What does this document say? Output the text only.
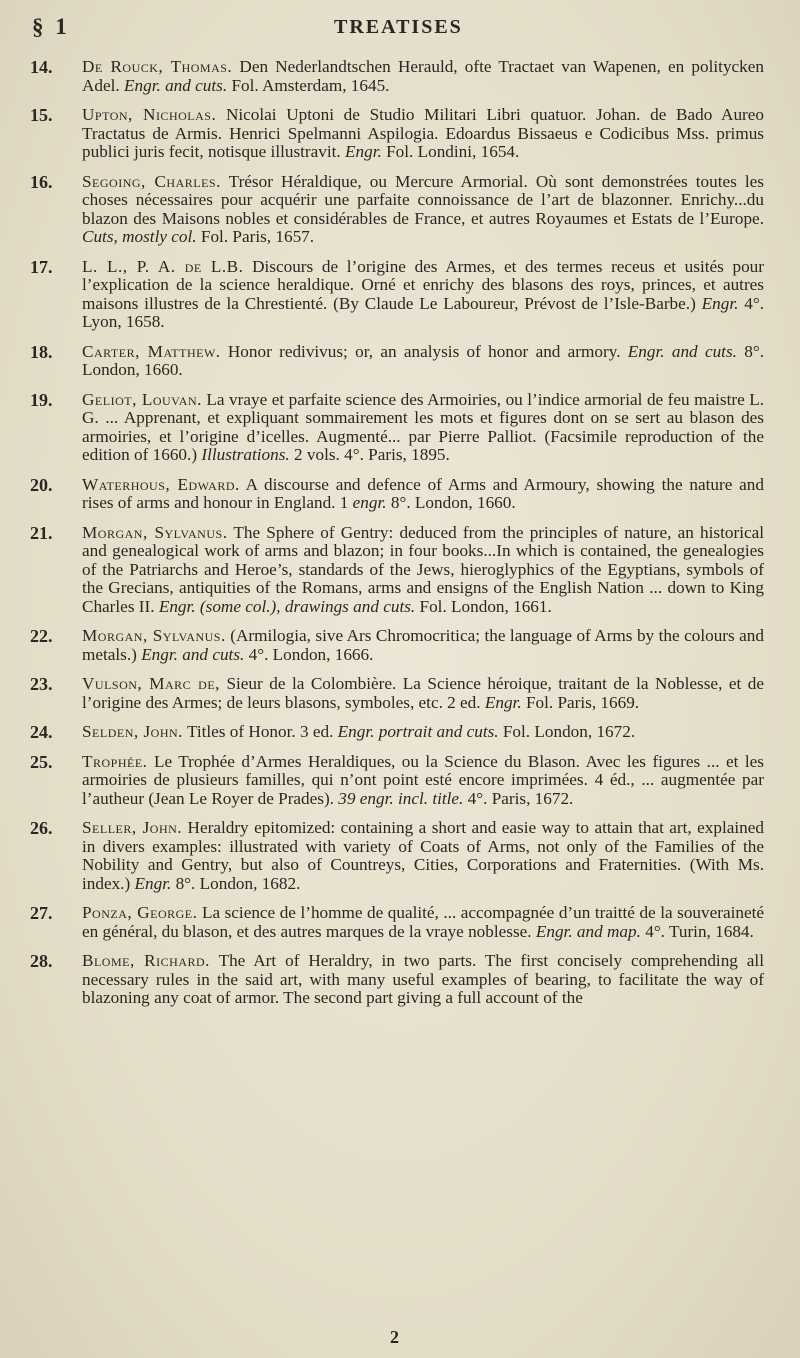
§ 1	TREATISES
14. De Rouck, Thomas. Den Nederlandtschen Herauld, ofte Tractaet van Wapenen, en politycken Adel. Engr. and cuts. Fol. Amsterdam, 1645.
15. Upton, Nicholas. Nicolai Uptoni de Studio Militari Libri quatuor. Johan. de Bado Aureo Tractatus de Armis. Henrici Spelmanni Aspilogia. Edoardus Bissaeus e Codicibus Mss. primus publici juris fecit, notisque illustravit. Engr. Fol. Londini, 1654.
16. Segoing, Charles. Trésor Héraldique, ou Mercure Armorial. Où sont demonstrées toutes les choses nécessaires pour acquérir une parfaite connoissance de l’art de blazonner. Enrichy...du blazon des Maisons nobles et considérables de France, et autres Royaumes et Estats de l’Europe. Cuts, mostly col. Fol. Paris, 1657.
17. L. L., P. A. de L.B. Discours de l’origine des Armes, et des termes receus et usités pour l’explication de la science heraldique. Orné et enrichy des blasons des roys, princes, et autres maisons illustres de la Chrestienté. (By Claude Le Laboureur, Prévost de l’Isle-Barbe.) Engr. 4°. Lyon, 1658.
18. Carter, Matthew. Honor redivivus; or, an analysis of honor and armory. Engr. and cuts. 8°. London, 1660.
19. Geliot, Louvan. La vraye et parfaite science des Armoiries, ou l’indice armorial de feu maistre L. G. ... Apprenant, et expliquant sommairement les mots et figures dont on se sert au blason des armoiries, et l’origine d’icelles. Augmenté... par Pierre Palliot. (Facsimile reproduction of the edition of 1660.) Illustrations. 2 vols. 4°. Paris, 1895.
20. Waterhous, Edward. A discourse and defence of Arms and Armoury, showing the nature and rises of arms and honour in England. 1 engr. 8°. London, 1660.
21. Morgan, Sylvanus. The Sphere of Gentry: deduced from the principles of nature, an historical and genealogical work of arms and blazon; in four books...In which is contained, the genealogies of the Patriarchs and Heroe’s, standards of the Jews, hieroglyphics of the Egyptians, symbols of the Grecians, antiquities of the Romans, arms and ensigns of the English Nation ... down to King Charles II. Engr. (some col.), drawings and cuts. Fol. London, 1661.
22. Morgan, Sylvanus. (Armilogia, sive Ars Chromocritica; the language of Arms by the colours and metals.) Engr. and cuts. 4°. London, 1666.
23. Vulson, Marc de, Sieur de la Colombière. La Science héroique, traitant de la Noblesse, et de l’origine des Armes; de leurs blasons, symboles, etc. 2 ed. Engr. Fol. Paris, 1669.
24. Selden, John. Titles of Honor. 3 ed. Engr. portrait and cuts. Fol. London, 1672.
25. Trophée. Le Trophée d’Armes Heraldiques, ou la Science du Blason. Avec les figures ... et les armoiries de plusieurs familles, qui n’ont point esté encore imprimées. 4 éd., ... augmentée par l’autheur (Jean Le Royer de Prades). 39 engr. incl. title. 4°. Paris, 1672.
26. Seller, John. Heraldry epitomized: containing a short and easie way to attain that art, explained in divers examples: illustrated with variety of Coats of Arms, not only of the Families of the Nobility and Gentry, but also of Countreys, Cities, Corporations and Fraternities. (With Ms. index.) Engr. 8°. London, 1682.
27. Ponza, George. La science de l’homme de qualité, ... accompagnée d’un traitté de la souveraineté en général, du blason, et des autres marques de la vraye noblesse. Engr. and map. 4°. Turin, 1684.
28. Blome, Richard. The Art of Heraldry, in two parts. The first concisely comprehending all necessary rules in the said art, with many useful examples of bearing, to facilitate the way of blazoning any coat of armor. The second part giving a full account of the
2
